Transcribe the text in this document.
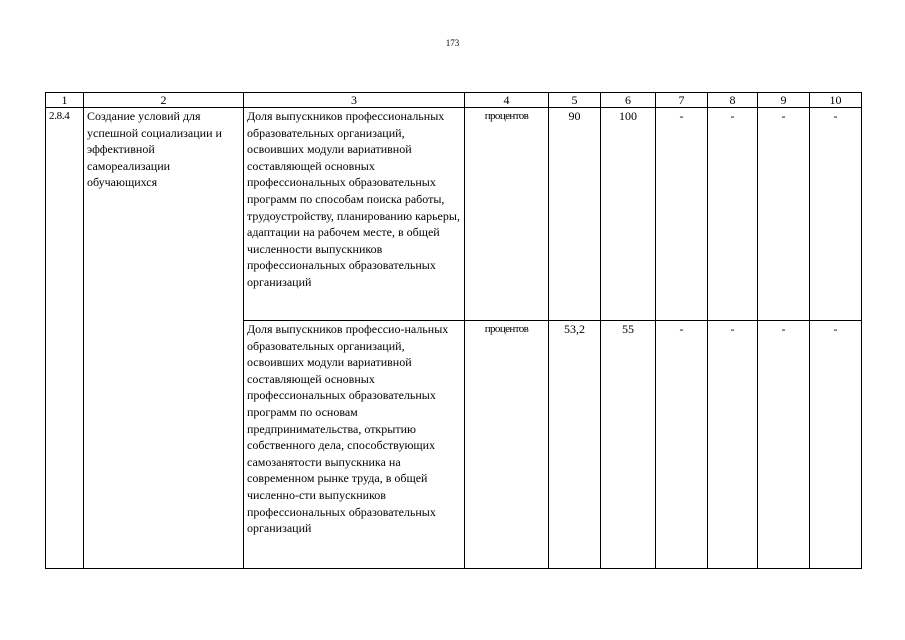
173
1	2	3	4	5	6	7	8	9	10
2.8.4	Создание условий для успешной социализации и эффективной самореализации обучающихся	Доля выпускников профессиональных образовательных организаций, освоивших модули вариативной составляющей основных профессиональных образовательных программ по способам поиска работы, трудоустройству, планированию карьеры, адаптации на рабочем месте, в общей численности выпускников профессиональных образовательных организаций	процентов	90	100	-	-	-	-
		Доля выпускников профессио-нальных образовательных организаций, освоивших модули вариативной составляющей основных профессиональных образовательных программ по основам предпринимательства, открытию собственного дела, способствующих самозанятости выпускника на современном рынке труда, в общей численно-сти выпускников профессиональных образовательных организаций	процентов	53,2	55	-	-	-	-
